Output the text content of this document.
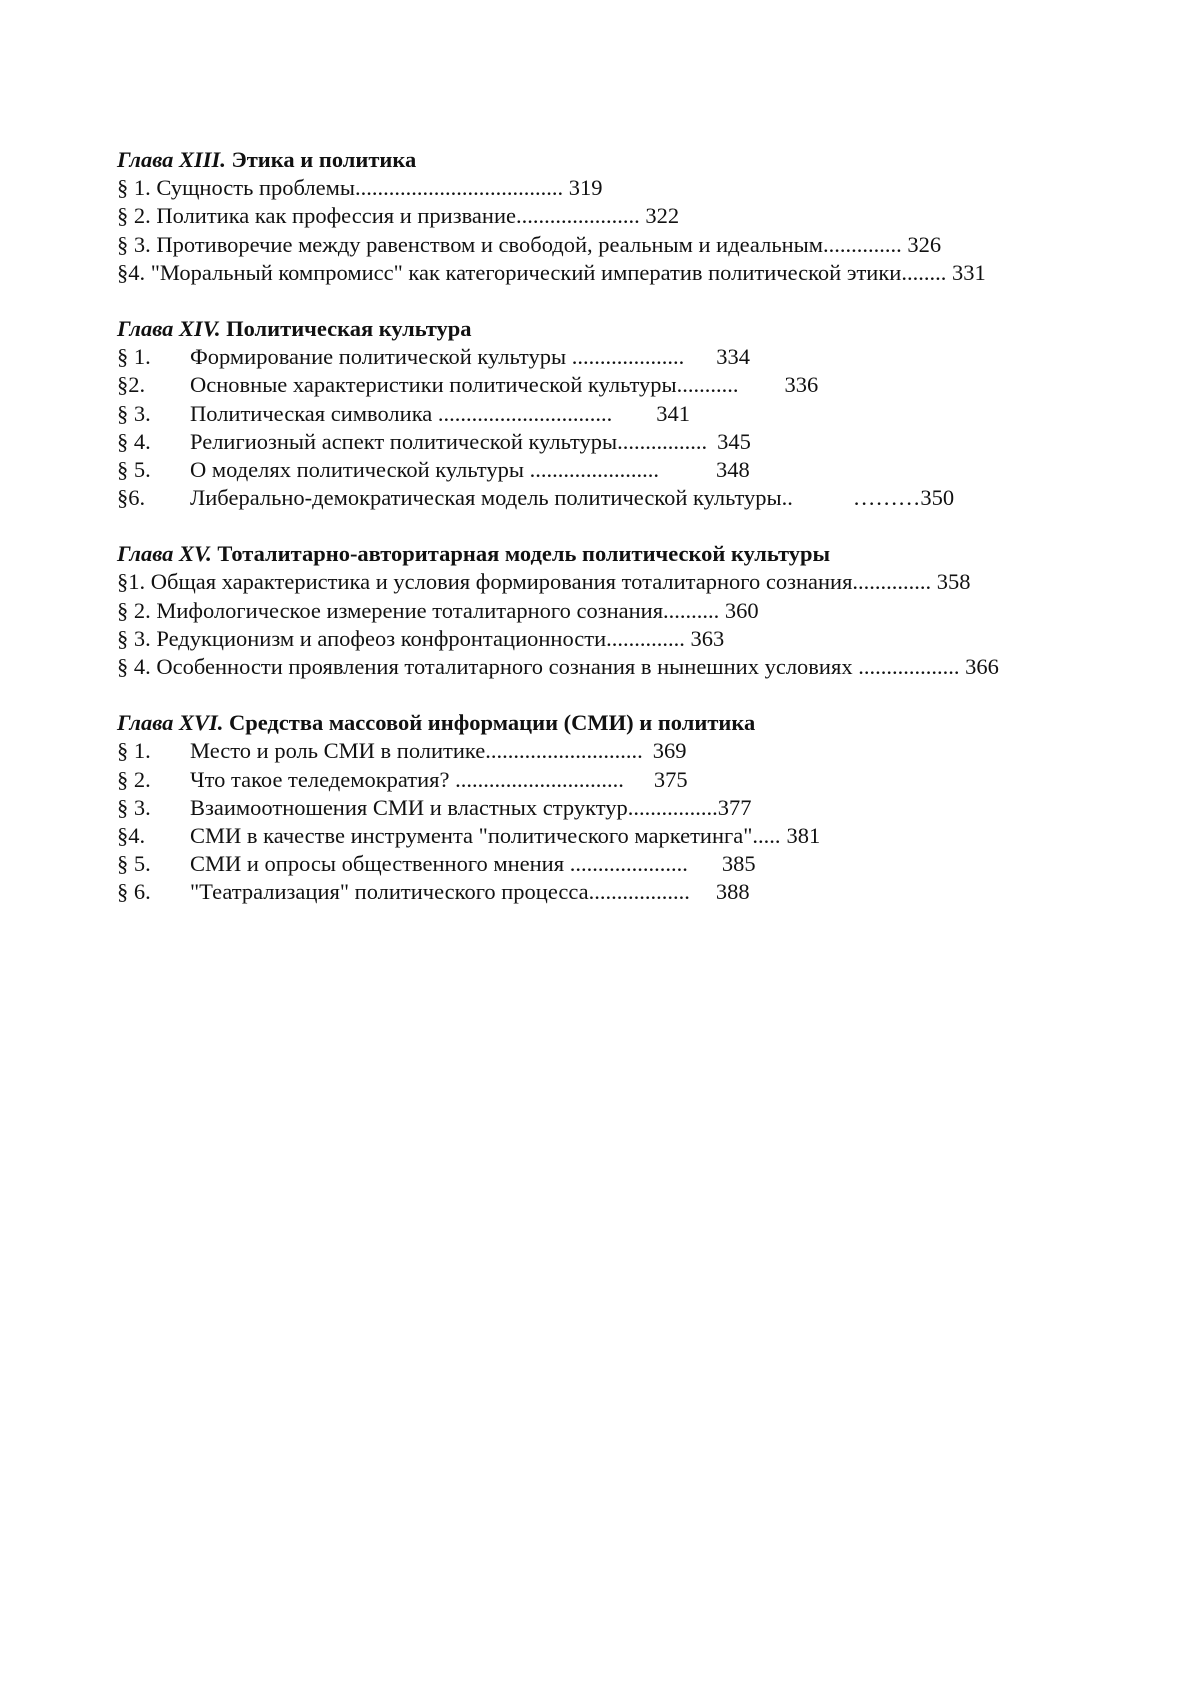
Глава XIII. Этика и политика
§ 1. Сущность проблемы..................................... 319
§ 2. Политика как профессия и призвание...................... 322
§ 3. Противоречие между равенством и свободой, реальным и идеальным.............. 326
§4. "Моральный компромисс" как категорический императив политической этики........ 331
Глава XIV. Политическая культура
§ 1. Формирование политической культуры .................... 334
§2. Основные характеристики политической культуры........... 336
§ 3. Политическая символика ............................... 341
§ 4. Религиозный аспект политической культуры................ 345
§ 5. О моделях политической культуры .......................	348
§6. Либерально-демократическая модель политической культуры..	………350
Глава XV. Тоталитарно-авторитарная модель политической культуры
§1. Общая характеристика и условия формирования тоталитарного сознания.............. 358
§ 2. Мифологическое измерение тоталитарного сознания.......... 360
§ 3. Редукционизм и апофеоз конфронтационности.............. 363
§ 4. Особенности проявления тоталитарного сознания в нынешних условиях .................. 366
Глава XVI. Средства массовой информации (СМИ) и политика
§ 1. Место и роль СМИ в политике............................ 369
§ 2. Что такое теледемократия? .............................. 375
§ 3. Взаимоотношения СМИ и властных структур................377
§4. СМИ в качестве инструмента "политического маркетинга"..... 381
§ 5. СМИ и опросы общественного мнения ..................... 385
§ 6. "Театрализация" политического процесса.................. 388
